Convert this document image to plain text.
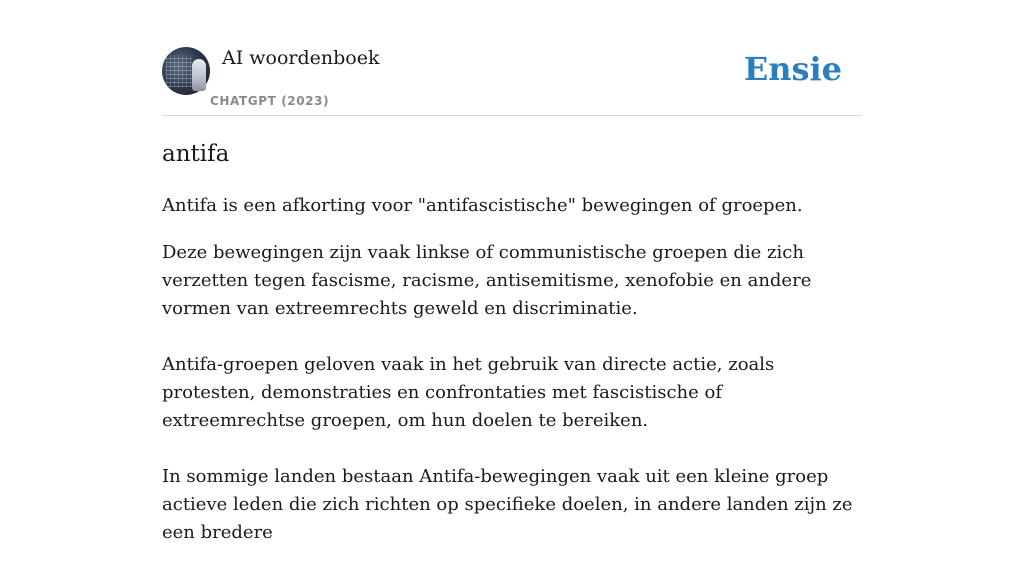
AI woordenboek
CHATGPT (2023)
Ensie
antifa

Antifa is een afkorting voor "antifascistische" bewegingen of groepen.

Deze bewegingen zijn vaak linkse of communistische groepen die zich verzetten tegen fascisme, racisme, antisemitisme, xenofobie en andere vormen van extreemrechts geweld en discriminatie.

Antifa-groepen geloven vaak in het gebruik van directe actie, zoals protesten, demonstraties en confrontaties met fascistische of extreemrechtse groepen, om hun doelen te bereiken.

In sommige landen bestaan Antifa-bewegingen vaak uit een kleine groep actieve leden die zich richten op specifieke doelen, in andere landen zijn ze een bredere
